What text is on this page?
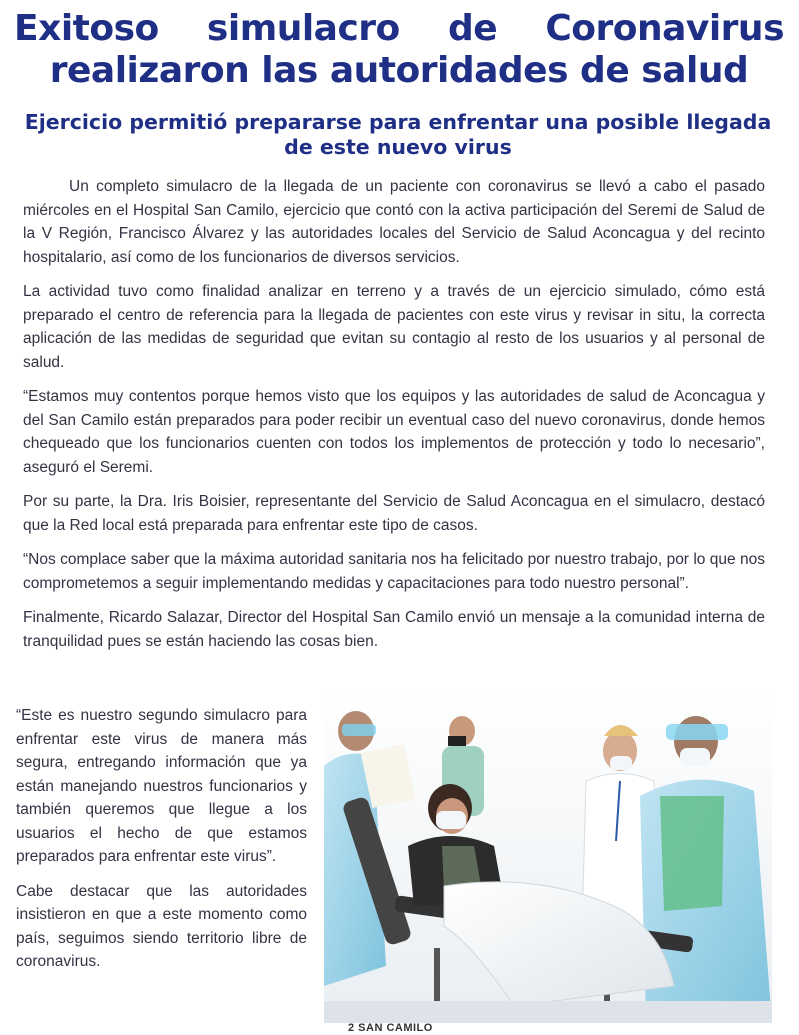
Exitoso simulacro de Coronavirus realizaron las autoridades de salud
Ejercicio permitió prepararse para enfrentar una posible llegada de este nuevo virus

Un completo simulacro de la llegada de un paciente con coronavirus se llevó a cabo el pasado miércoles en el Hospital San Camilo, ejercicio que contó con la activa participación del Seremi de Salud de la V Región, Francisco Álvarez y las autoridades locales del Servicio de Salud Aconcagua y del recinto hospitalario, así como de los funcionarios de diversos servicios.

La actividad tuvo como finalidad analizar en terreno y a través de un ejercicio simulado, cómo está preparado el centro de referencia para la llegada de pacientes con este virus y revisar in situ, la correcta aplicación de las medidas de seguridad que evitan su contagio al resto de los usuarios y al personal de salud.

“Estamos muy contentos porque hemos visto que los equipos y las autoridades de salud de Aconcagua y del San Camilo están preparados para poder recibir un eventual caso del nuevo coronavirus, donde hemos chequeado que los funcionarios cuenten con todos los implementos de protección y todo lo necesario”, aseguró el Seremi.

Por su parte, la Dra. Iris Boisier, representante del Servicio de Salud Aconcagua en el simulacro, destacó que la Red local está preparada para enfrentar este tipo de casos.

“Nos complace saber que la máxima autoridad sanitaria nos ha felicitado por nuestro trabajo, por lo que nos comprometemos a seguir implementando medidas y capacitaciones para todo nuestro personal”.

Finalmente, Ricardo Salazar, Director del Hospital San Camilo envió un mensaje a la comunidad interna de tranquilidad pues se están haciendo las cosas bien.

“Este es nuestro segundo simulacro para enfrentar este virus de manera más segura, entregando información que ya están manejando nuestros funcionarios y también queremos que llegue a los usuarios el hecho de que estamos preparados para enfrentar este virus”.

Cabe destacar que las autoridades insistieron en que a este momento como país, seguimos siendo territorio libre de coronavirus.

2 SAN CAMILO
